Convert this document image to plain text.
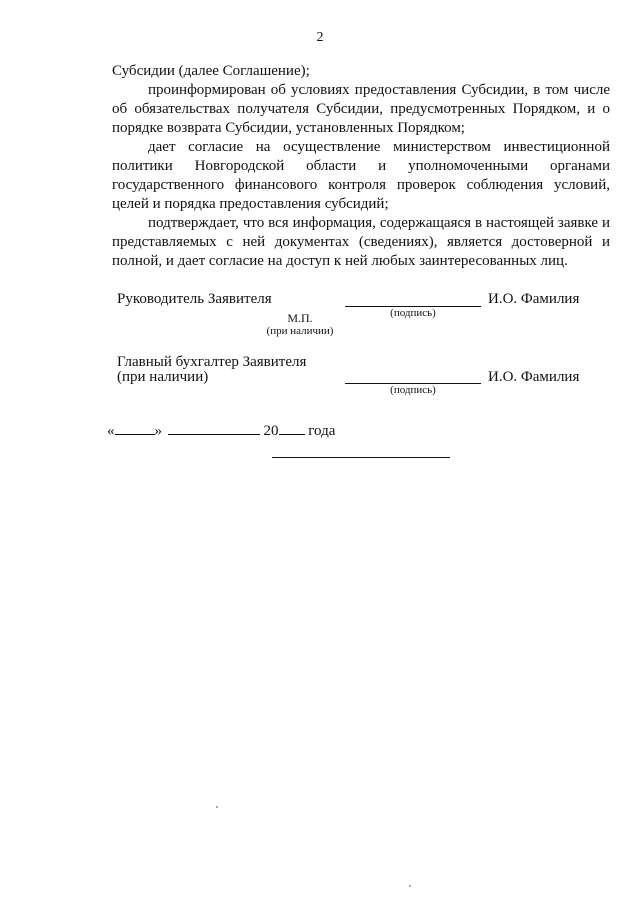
2

Субсидии (далее Соглашение);

проинформирован об условиях предоставления Субсидии, в том числе об обязательствах получателя Субсидии, предусмотренных Порядком, и о порядке возврата Субсидии, установленных Порядком;

дает согласие на осуществление министерством инвестиционной политики Новгородской области и уполномоченными органами государственного финансового контроля проверок соблюдения условий, целей и порядка предоставления субсидий;

подтверждает, что вся информация, содержащаяся в настоящей заявке и представляемых с ней документах (сведениях), является достоверной и полной, и дает согласие на доступ к ней любых заинтересованных лиц.

Руководитель Заявителя
(подпись)
И.О. Фамилия
М.П.
(при наличии)
Главный бухгалтер Заявителя
(при наличии)
(подпись)
И.О. Фамилия
«	»	20 года
